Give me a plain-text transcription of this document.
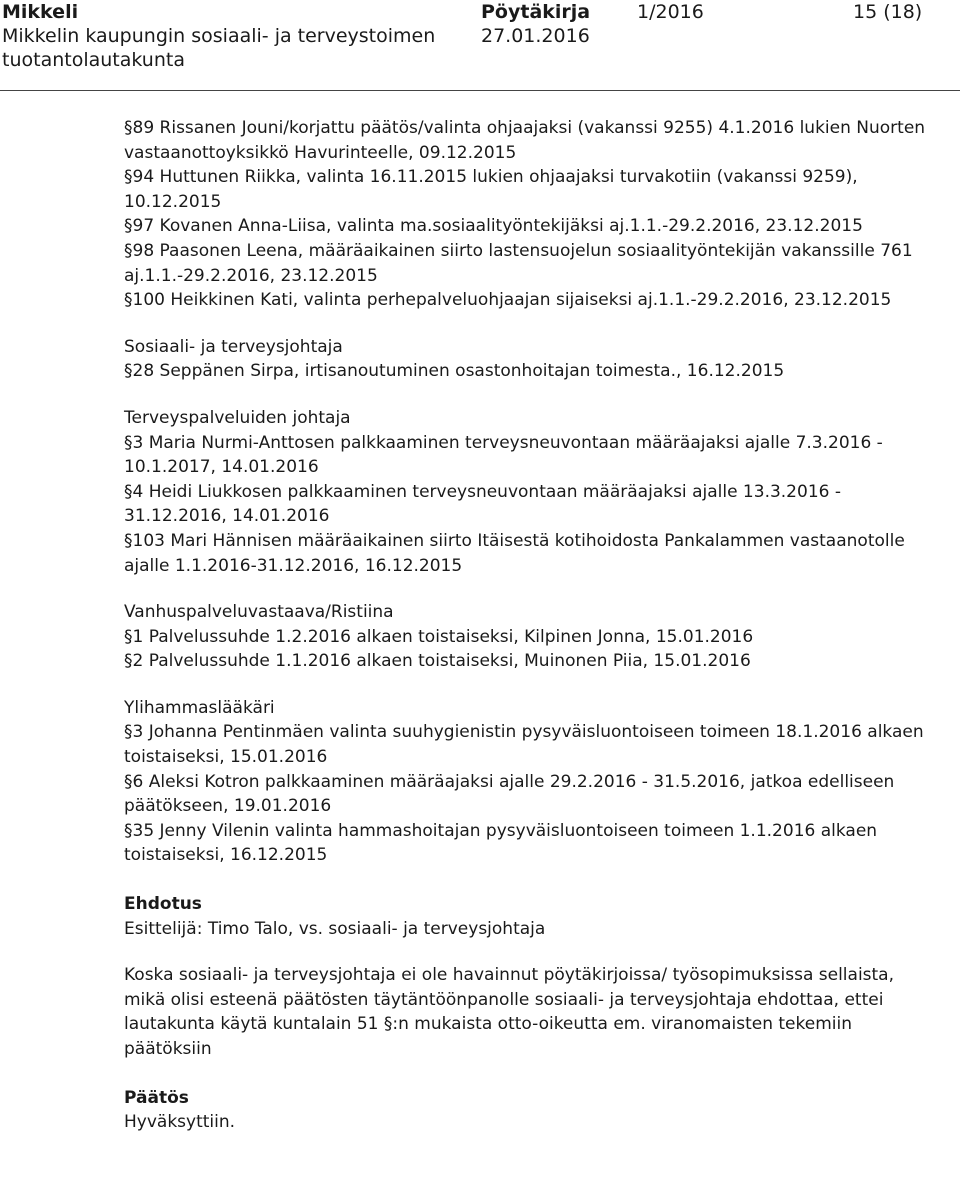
Mikkeli
Mikkelin kaupungin sosiaali- ja terveystoimen
tuotantolautakunta
Pöytäkirja
27.01.2016
1/2016	15 (18)

§89 Rissanen Jouni/korjattu päätös/valinta ohjaajaksi (vakanssi 9255) 4.1.2016 lukien Nuorten vastaanottoyksikkö Havurinteelle, 09.12.2015

§94 Huttunen Riikka, valinta 16.11.2015 lukien ohjaajaksi turvakotiin (vakanssi 9259), 10.12.2015

§97 Kovanen Anna-Liisa, valinta ma.sosiaalityöntekijäksi aj.1.1.-29.2.2016, 23.12.2015

§98 Paasonen Leena, määräaikainen siirto lastensuojelun sosiaalityöntekijän vakanssille 761 aj.1.1.-29.2.2016, 23.12.2015

§100 Heikkinen Kati, valinta perhepalveluohjaajan sijaiseksi aj.1.1.-29.2.2016, 23.12.2015

Sosiaali- ja terveysjohtaja

§28 Seppänen Sirpa, irtisanoutuminen osastonhoitajan toimesta., 16.12.2015

Terveyspalveluiden johtaja

§3 Maria Nurmi-Anttosen palkkaaminen terveysneuvontaan määräajaksi ajalle 7.3.2016 - 10.1.2017, 14.01.2016

§4 Heidi Liukkosen palkkaaminen terveysneuvontaan määräajaksi ajalle 13.3.2016 - 31.12.2016, 14.01.2016

§103 Mari Hännisen määräaikainen siirto Itäisestä kotihoidosta Pankalammen vastaanotolle ajalle 1.1.2016-31.12.2016, 16.12.2015

Vanhuspalveluvastaava/Ristiina

§1 Palvelussuhde 1.2.2016 alkaen toistaiseksi, Kilpinen Jonna, 15.01.2016

§2 Palvelussuhde 1.1.2016 alkaen toistaiseksi, Muinonen Piia, 15.01.2016

Ylihammaslääkäri

§3 Johanna Pentinmäen valinta suuhygienistin pysyväisluontoiseen toimeen 18.1.2016 alkaen toistaiseksi, 15.01.2016

§6 Aleksi Kotron palkkaaminen määräajaksi ajalle 29.2.2016 - 31.5.2016, jatkoa edelliseen päätökseen, 19.01.2016

§35 Jenny Vilenin valinta hammashoitajan pysyväisluontoiseen toimeen 1.1.2016 alkaen toistaiseksi, 16.12.2015

Ehdotus

Esittelijä: Timo Talo, vs. sosiaali- ja terveysjohtaja

Koska sosiaali- ja terveysjohtaja ei ole havainnut pöytäkirjoissa/ työsopimuksissa sellaista, mikä olisi esteenä päätösten täytäntöönpanolle sosiaali- ja terveysjohtaja ehdottaa, ettei lautakunta käytä kuntalain 51 §:n mukaista otto-oikeutta em. viranomaisten tekemiin päätöksiin

Päätös

Hyväksyttiin.
